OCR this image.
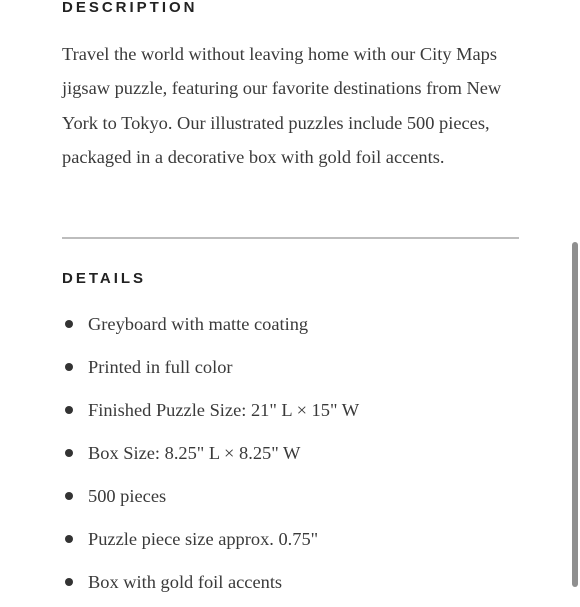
DESCRIPTION

Travel the world without leaving home with our City Maps jigsaw puzzle, featuring our favorite destinations from New York to Tokyo. Our illustrated puzzles include 500 pieces, packaged in a decorative box with gold foil accents.

DETAILS
Greyboard with matte coating
Printed in full color
Finished Puzzle Size: 21" L × 15" W
Box Size: 8.25" L × 8.25" W
500 pieces
Puzzle piece size approx. 0.75"
Box with gold foil accents
